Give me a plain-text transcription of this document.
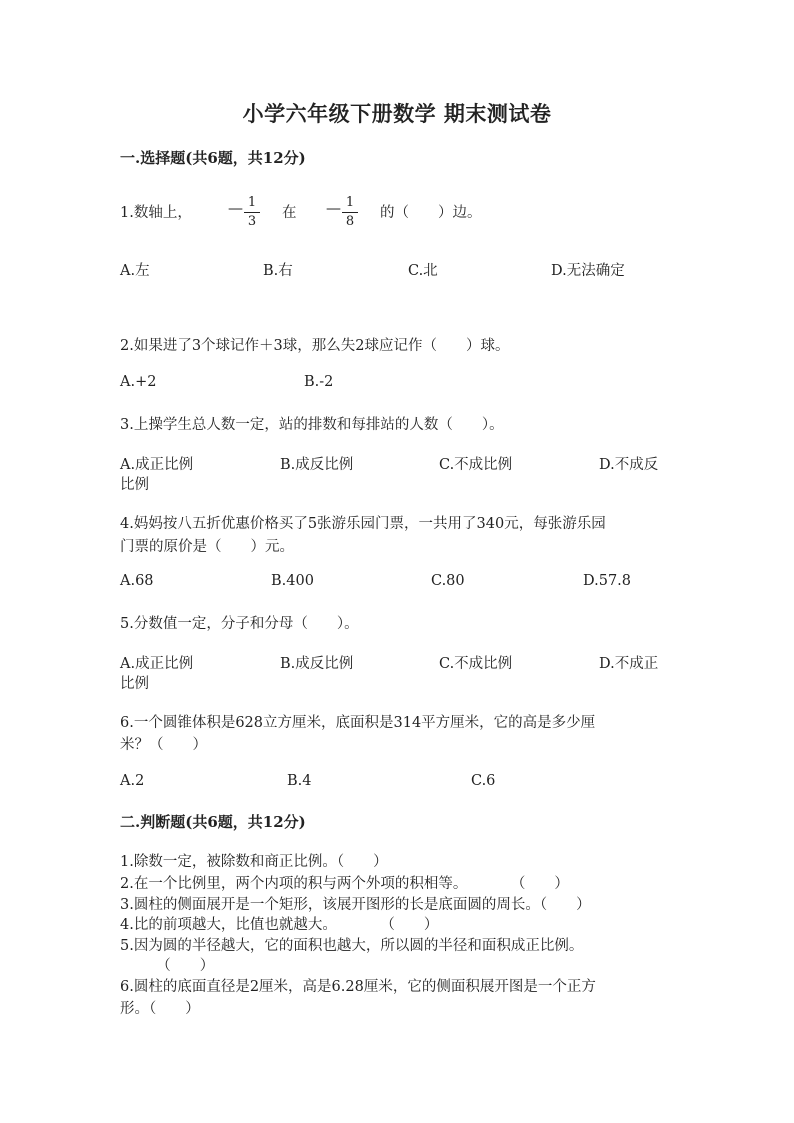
小学六年级下册数学 期末测试卷
一.选择题(共6题，共12分)
1.数轴上， — 1
3
在 — 1
8
的（　　）边。
A.左	B.右	C.北	D.无法确定
2.如果进了3个球记作＋3球，那么失2球应记作（　　）球。
A.+2	B.-2
3.上操学生总人数一定，站的排数和每排站的人数（　　）。
A.成正比例	B.成反比例	C.不成比例	D.不成反
比例
4.妈妈按八五折优惠价格买了5张游乐园门票，一共用了340元，每张游乐园
门票的原价是（　　）元。
A.68	B.400	C.80	D.57.8
5.分数值一定，分子和分母（　　）。
A.成正比例	B.成反比例	C.不成比例	D.不成正
比例
6.一个圆锥体积是628立方厘米，底面积是314平方厘米，它的高是多少厘
米？（　　）
A.2	B.4	C.6
二.判断题(共6题，共12分)
1.除数一定，被除数和商正比例。（　　）
2.在一个比例里，两个内项的积与两个外项的积相等。　　　　（　　）
3.圆柱的侧面展开是一个矩形，该展开图形的长是底面圆的周长。（　　）
4.比的前项越大，比值也就越大。　　　　（　　）
5.因为圆的半径越大，它的面积也越大，所以圆的半径和面积成正比例。
　　　（　　）
6.圆柱的底面直径是2厘米，高是6.28厘米，它的侧面积展开图是一个正方
形。（　　）
